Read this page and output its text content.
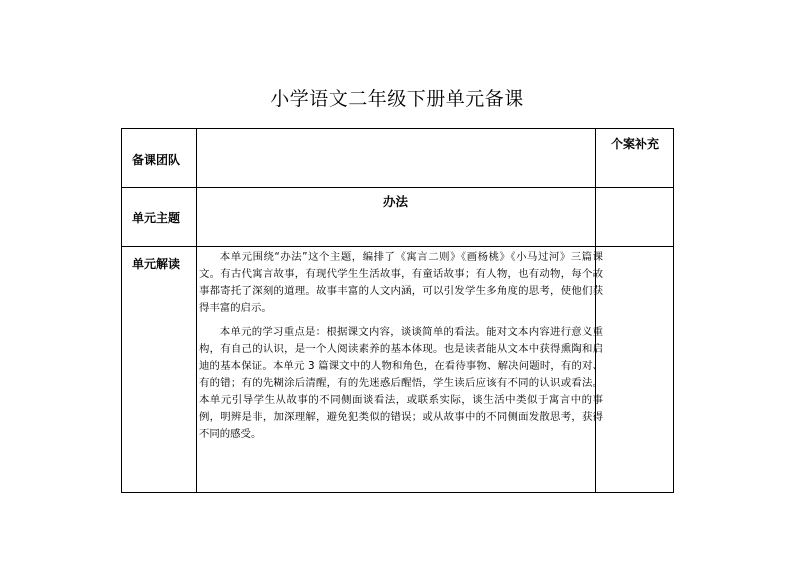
小学语文二年级下册单元备课
备课团队
个案补充
单元主题
办法
单元解读	本单元围绕“办法”这个主题，编排了《寓言二则》《画杨桃》《小马过河》三篇课文。有古代寓言故事，有现代学生生活故事，有童话故事；有人物，也有动物，每个故事都寄托了深刻的道理。故事丰富的人文内涵，可以引发学生多角度的思考，使他们获得丰富的启示。

本单元的学习重点是：根据课文内容，谈谈简单的看法。能对文本内容进行意义重构，有自己的认识，是一个人阅读素养的基本体现。也是读者能从文本中获得熏陶和启迪的基本保证。本单元 3 篇课文中的人物和角色，在看待事物、解决问题时，有的对、有的错；有的先糊涂后清醒，有的先迷惑后醒悟，学生读后应该有不同的认识或看法。本单元引导学生从故事的不同侧面谈看法，或联系实际，谈生活中类似于寓言中的事例，明辨是非，加深理解，避免犯类似的错误；或从故事中的不同侧面发散思考，获得不同的感受。
